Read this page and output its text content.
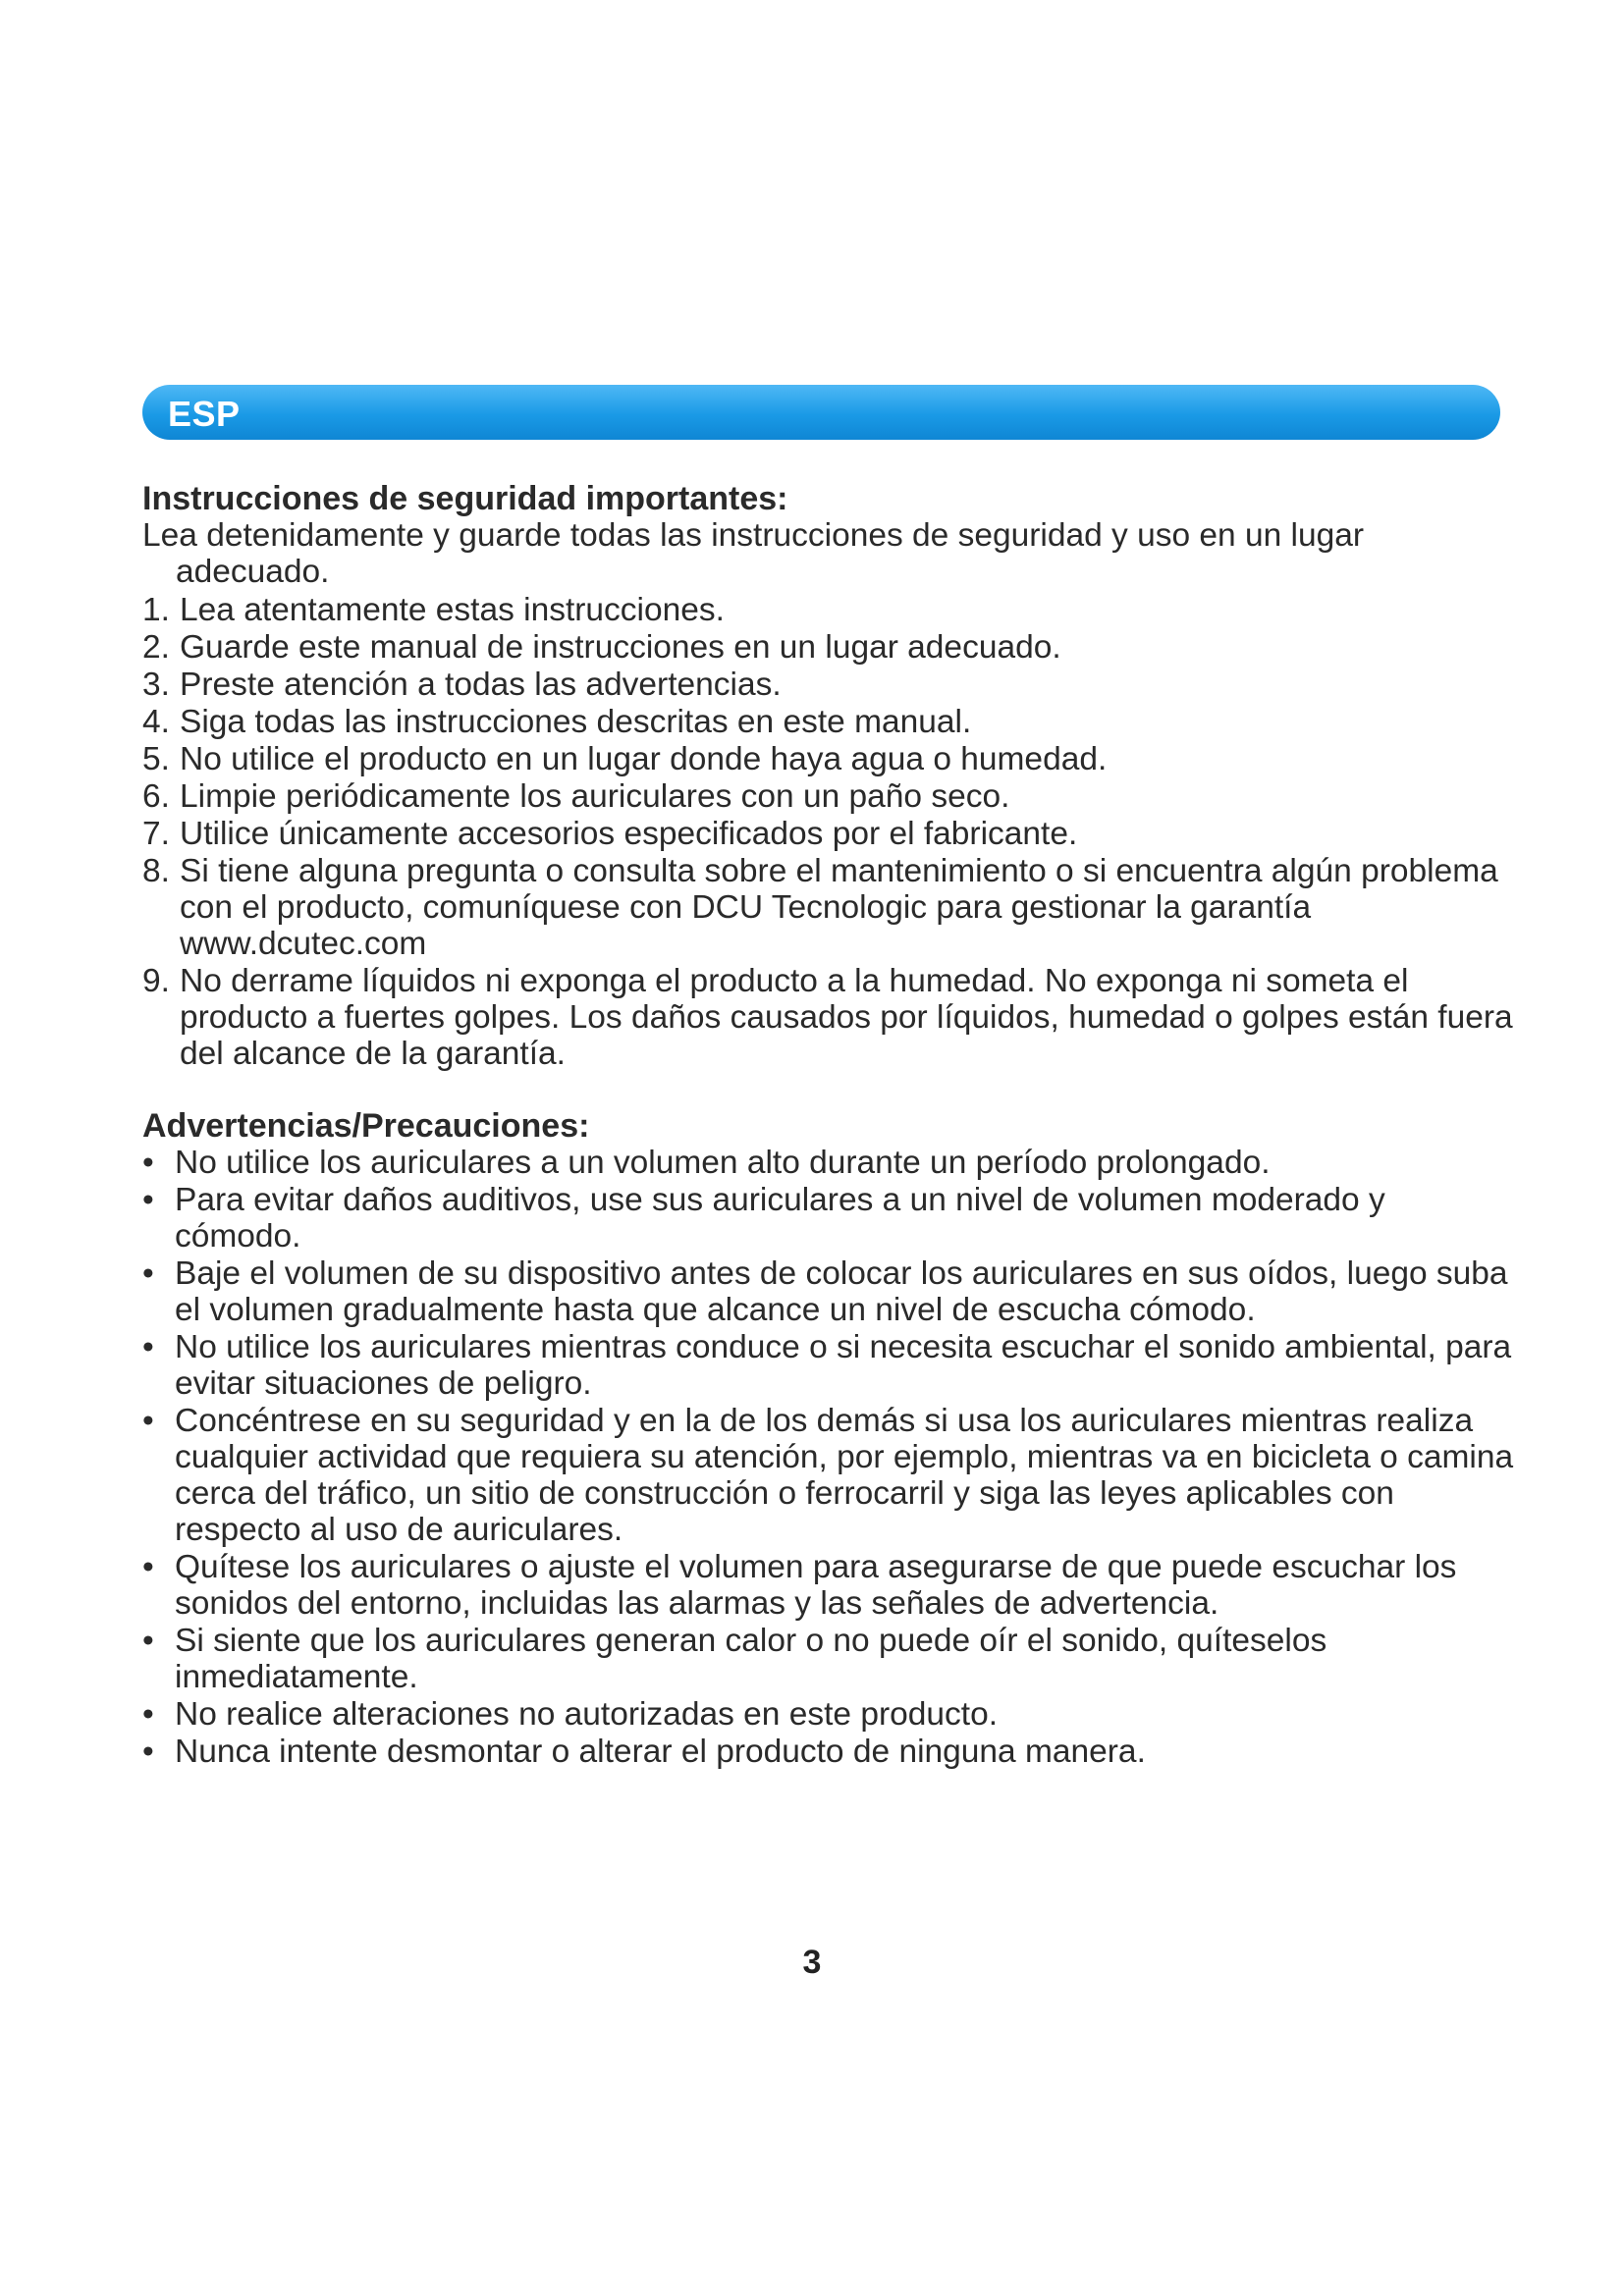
ESP
Instrucciones de seguridad importantes:

Lea detenidamente y guarde todas las instrucciones de seguridad y uso en un lugar adecuado.

1. Lea atentamente estas instrucciones.
2. Guarde este manual de instrucciones en un lugar adecuado.
3. Preste atención a todas las advertencias.
4. Siga todas las instrucciones descritas en este manual.
5. No utilice el producto en un lugar donde haya agua o humedad.
6. Limpie periódicamente los auriculares con un paño seco.
7. Utilice únicamente accesorios especificados por el fabricante.
8. Si tiene alguna pregunta o consulta sobre el mantenimiento o si encuentra algún problema con el producto, comuníquese con DCU Tecnologic para gestionar la garantía www.dcutec.com
9. No derrame líquidos ni exponga el producto a la humedad. No exponga ni someta el producto a fuertes golpes. Los daños causados por líquidos, humedad o golpes están fuera del alcance de la garantía.
Advertencias/Precauciones:
• No utilice los auriculares a un volumen alto durante un período prolongado.
• Para evitar daños auditivos, use sus auriculares a un nivel de volumen moderado y cómodo.
• Baje el volumen de su dispositivo antes de colocar los auriculares en sus oídos, luego suba el volumen gradualmente hasta que alcance un nivel de escucha cómodo.
• No utilice los auriculares mientras conduce o si necesita escuchar el sonido ambiental, para evitar situaciones de peligro.
• Concéntrese en su seguridad y en la de los demás si usa los auriculares mientras realiza cualquier actividad que requiera su atención, por ejemplo, mientras va en bicicleta o camina cerca del tráfico, un sitio de construcción o ferrocarril y siga las leyes aplicables con respecto al uso de auriculares.
• Quítese los auriculares o ajuste el volumen para asegurarse de que puede escuchar los sonidos del entorno, incluidas las alarmas y las señales de advertencia.
• Si siente que los auriculares generan calor o no puede oír el sonido, quíteselos inmediatamente.
• No realice alteraciones no autorizadas en este producto.
• Nunca intente desmontar o alterar el producto de ninguna manera.
3
